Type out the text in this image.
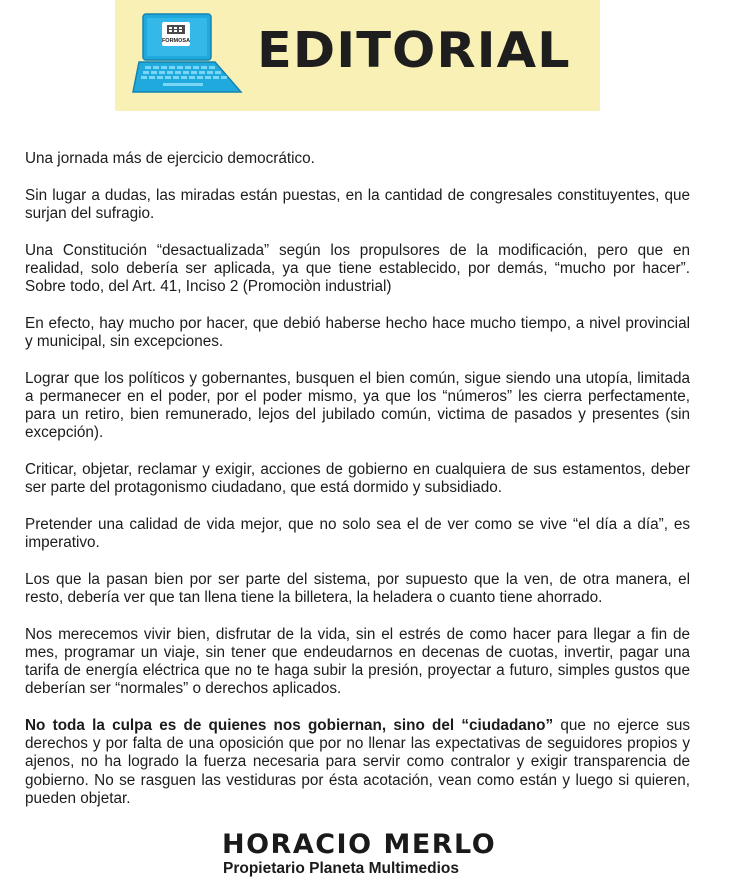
FORMOSA EDITORIAL

Una jornada más de ejercicio democrático.

Sin lugar a dudas, las miradas están puestas, en la cantidad de congresales constituyentes, que surjan del sufragio.

Una Constitución “desactualizada” según los propulsores de la modificación, pero que en realidad, solo debería ser aplicada, ya que tiene establecido, por demás, “mucho por hacer”. Sobre todo, del Art. 41, Inciso 2 (Promociòn industrial)

En efecto, hay mucho por hacer, que debió haberse hecho hace mucho tiempo, a nivel provincial y municipal, sin excepciones.

Lograr que los políticos y gobernantes, busquen el bien común, sigue siendo una utopía, limitada a permanecer en el poder, por el poder mismo, ya que los “números” les cierra perfectamente, para un retiro, bien remunerado, lejos del jubilado común, victima de pasados y presentes (sin excepción).

Criticar, objetar, reclamar y exigir, acciones de gobierno en cualquiera de sus estamentos, deber ser parte del protagonismo ciudadano, que está dormido y subsidiado.

Pretender una calidad de vida mejor, que no solo sea el de ver como se vive “el día a día”, es imperativo.

Los que la pasan bien por ser parte del sistema, por supuesto que la ven, de otra manera, el resto, debería ver que tan llena tiene la billetera, la heladera o cuanto tiene ahorrado.

Nos merecemos vivir bien, disfrutar de la vida, sin el estrés de como hacer para llegar a fin de mes, programar un viaje, sin tener que endeudarnos en decenas de cuotas, invertir, pagar una tarifa de energía eléctrica que no te haga subir la presión, proyectar a futuro, simples gustos que deberían ser “normales” o derechos aplicados.

No toda la culpa es de quienes nos gobiernan, sino del “ciudadano” que no ejerce sus derechos y por falta de una oposición que por no llenar las expectativas de seguidores propios y ajenos, no ha logrado la fuerza necesaria para servir como contralor y exigir transparencia de gobierno. No se rasguen las vestiduras por ésta acotación, vean como están y luego si quieren, pueden objetar.

HORACIO MERLO
Propietario Planeta Multimedios
